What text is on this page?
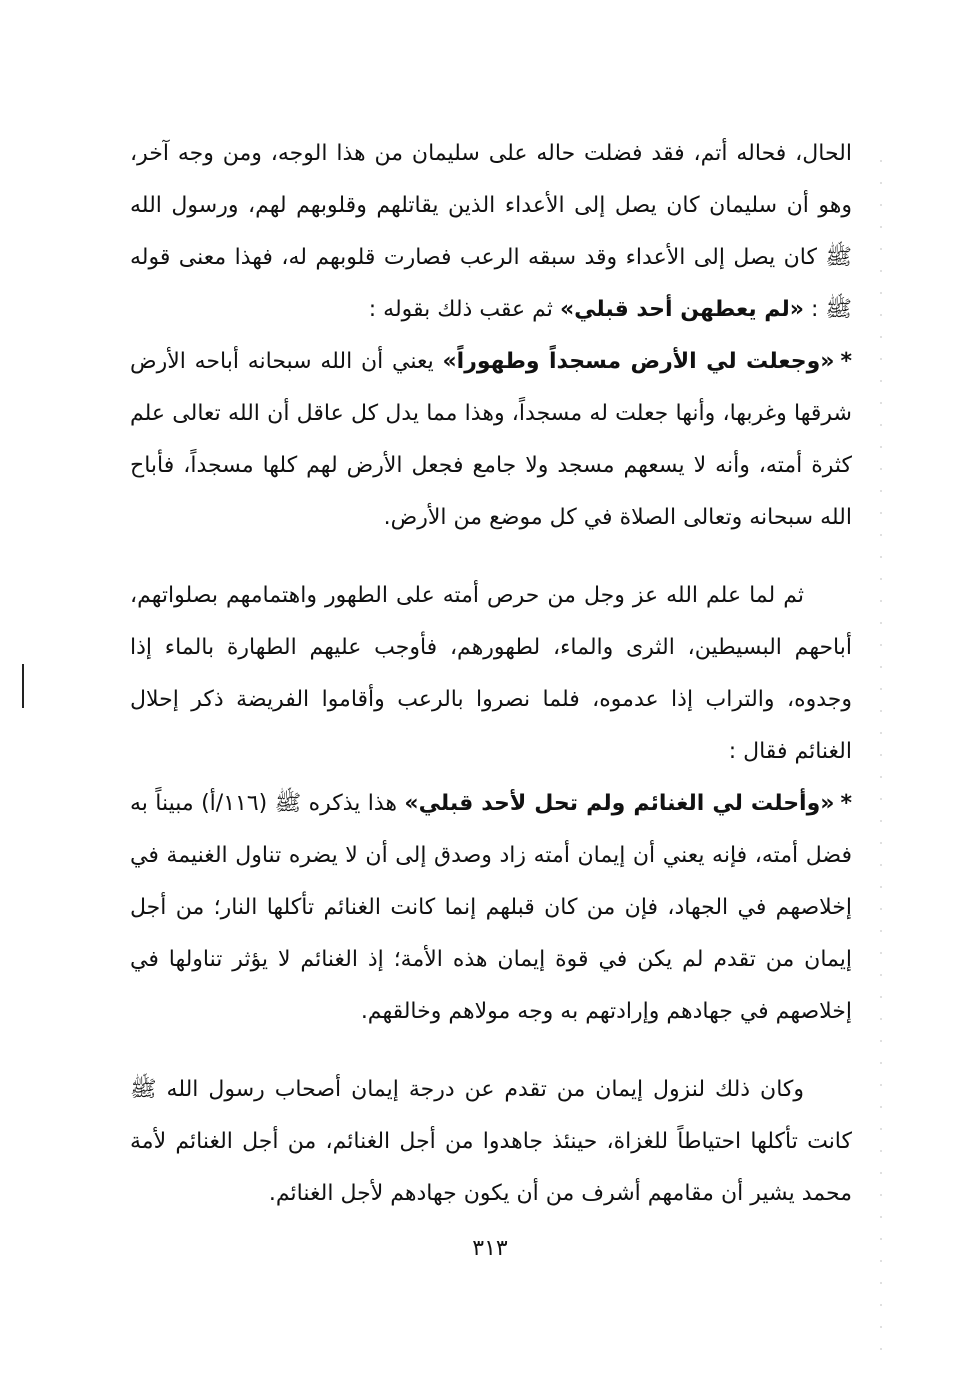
الحال، فحاله أتم، فقد فضلت حاله على سليمان من هذا الوجه، ومن وجه آخر، وهو أن سليمان كان يصل إلى الأعداء الذين يقاتلهم وقلوبهم لهم، ورسول الله ﷺ كان يصل إلى الأعداء وقد سبقه الرعب فصارت قلوبهم له، فهذا معنى قوله ﷺ : «لم يعطهن أحد قبلي» ثم عقب ذلك بقوله :

*«وجعلت لي الأرض مسجداً وطهوراً» يعني أن الله سبحانه أباحه الأرض شرقها وغربها، وأنها جعلت له مسجداً، وهذا مما يدل كل عاقل أن الله تعالى علم كثرة أمته، وأنه لا يسعهم مسجد ولا جامع فجعل الأرض لهم كلها مسجداً، فأباح الله سبحانه وتعالى الصلاة في كل موضع من الأرض.

ثم لما علم الله عز وجل من حرص أمته على الطهور واهتمامهم بصلواتهم، أباحهم البسيطين، الثرى والماء، لطهورهم، فأوجب عليهم الطهارة بالماء إذا وجدوه، والتراب إذا عدموه، فلما نصروا بالرعب وأقاموا الفريضة ذكر إحلال الغنائم فقال :

*«وأحلت لي الغنائم ولم تحل لأحد قبلي» هذا يذكره ﷺ (١١٦/أ) مبيناً به فضل أمته، فإنه يعني أن إيمان أمته زاد وصدق إلى أن لا يضره تناول الغنيمة في إخلاصهم في الجهاد، فإن من كان قبلهم إنما كانت الغنائم تأكلها النار؛ من أجل إيمان من تقدم لم يكن في قوة إيمان هذه الأمة؛ إذ الغنائم لا يؤثر تناولها في إخلاصهم في جهادهم وإرادتهم به وجه مولاهم وخالقهم.

وكان ذلك لنزول إيمان من تقدم عن درجة إيمان أصحاب رسول الله ﷺ كانت تأكلها احتياطاً للغزاة، حينئذ جاهدوا من أجل الغنائم، من أجل الغنائم لأمة محمد يشير أن مقامهم أشرف من أن يكون جهادهم لأجل الغنائم.

٣١٣
